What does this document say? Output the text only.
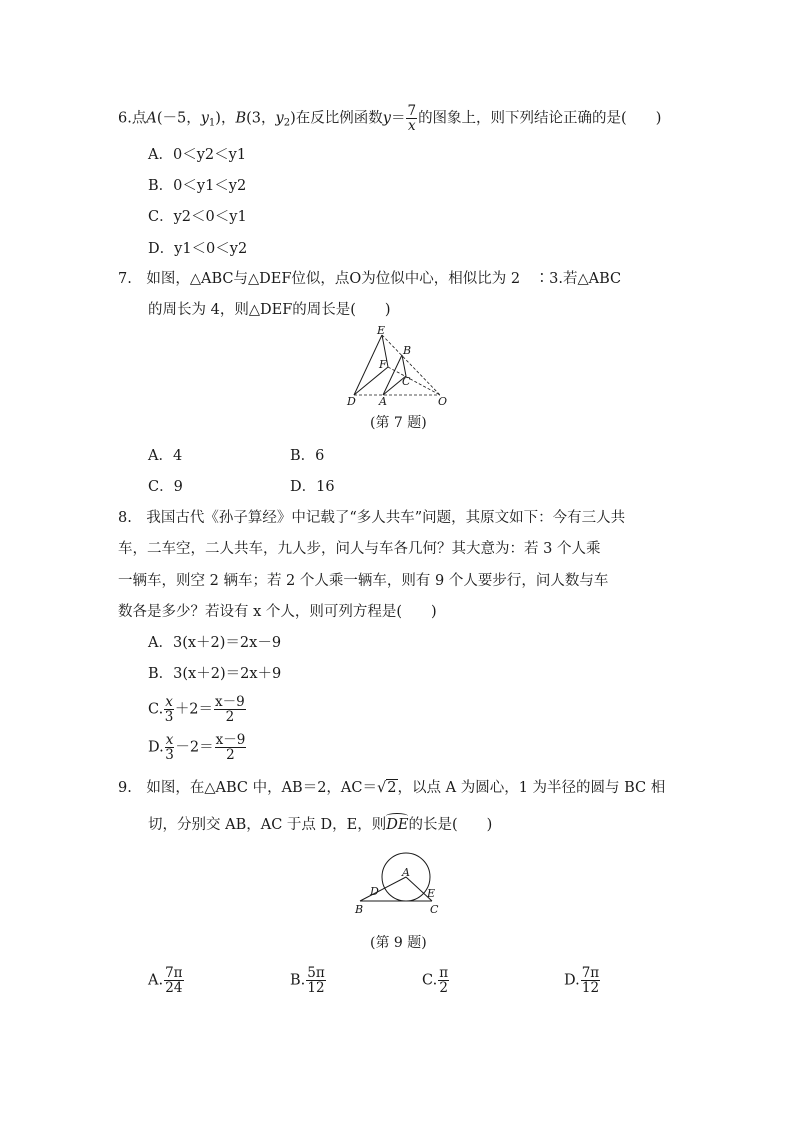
6.点A(－5，$y_1$)，B(3，$y_2$)在反比例函数$y= \frac{7}{x}$ 的图象上，则下列结论正确的是(　　)
A．0＜y2＜y1
B．0＜y1＜y2
C．y2＜0＜y1
D．y1＜0＜y2
7.　如图，△ABC与△DEF位似，点O为位似中心，相似比为 2　∶3.若△ABC
的周长为 4，则△DEF的周长是(　　)
E
B
F
C
D A	O
(第 7 题)
A．4	B．6
C．9	D．16
8.　我国古代《孙子算经》中记载了“多人共车”问题，其原文如下：今有三人共
车，二车空，二人共车，九人步，问人与车各几何？其大意为：若 3 个人乘
一辆车，则空 2 辆车；若 2 个人乘一辆车，则有 9 个人要步行，问人数与车
数各是多少？若设有 x 个人，则可列方程是(　　)
A．3(x＋2)＝2x－9
B．3(x＋2)＝2x＋9
C. $\frac{x}{3} +2= \frac{x-9}{2}$
D. $\frac{x}{3} -2= \frac{x-9}{2}$
9.　如图，在△ABC 中，AB＝2，AC＝√2，以点 A 为圆心，1 为半径的圆与 BC 相
切，分别交 AB，AC 于点 D，E，则DE的长是(　　)
A
D	E
B	C
(第 9 题)
A. $\frac{7\pi}{24}$	B. $\frac{5\pi}{12}$	C. $\frac{\pi}{2}$	D. $\frac{7\pi}{12}$
